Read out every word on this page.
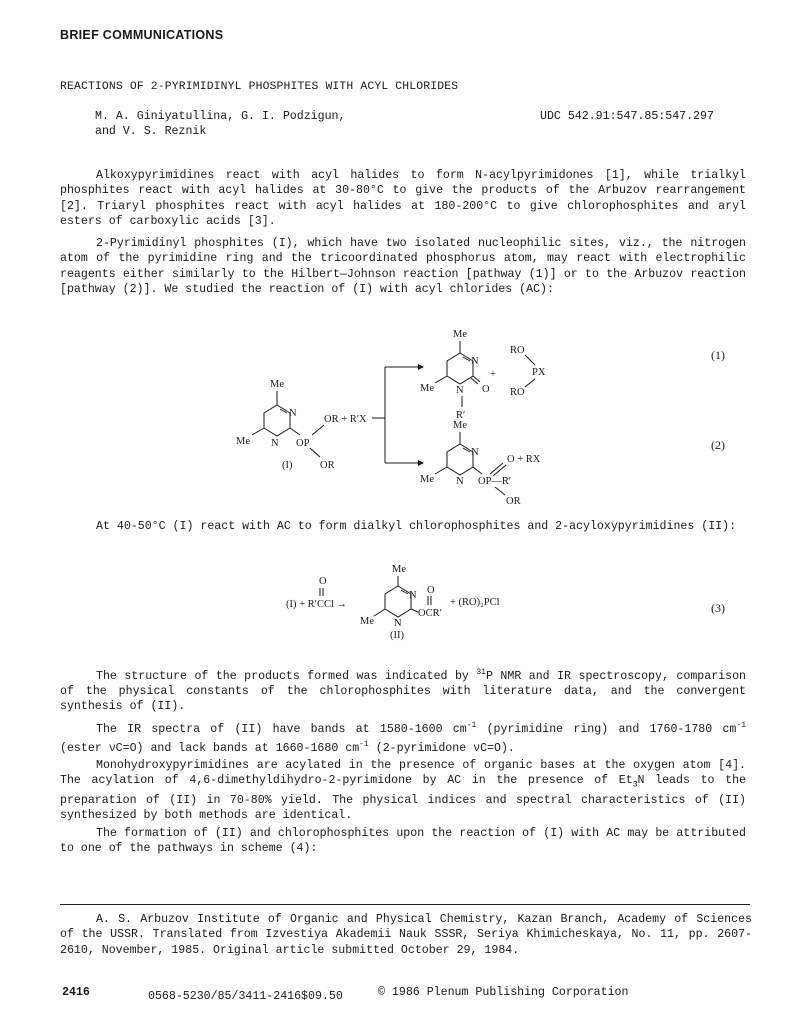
BRIEF COMMUNICATIONS
REACTIONS OF 2-PYRIMIDINYL PHOSPHITES WITH ACYL CHLORIDES
M. A. Giniyatullina, G. I. Podzigun,
and V. S. Reznik
UDC 542.91:547.85:547.297

Alkoxypyrimidines react with acyl halides to form N-acylpyrimidones [1], while trialkyl phosphites react with acyl halides at 30-80°C to give the products of the Arbuzov rearrangement [2]. Triaryl phosphites react with acyl halides at 180-200°C to give chlorophosphites and aryl esters of carboxylic acids [3].

2-Pyrimidinyl phosphites (I), which have two isolated nucleophilic sites, viz., the nitrogen atom of the pyrimidine ring and the tricoordinated phosphorus atom, may react with electrophilic reagents either similarly to the Hilbert—Johnson reaction [pathway (1)] or to the Arbuzov reaction [pathway (2)]. We studied the reaction of (I) with acyl chlorides (AC):

Me
N
N
Me	OP
OR + R′X
OR
(I)
Me
N
N
Me	O
R′
+
RO
PX
RO
Me
N
N
Me	OP—R′
O + RX
OR
(1)
(2)

At 40-50°C (I) react with AC to form dialkyl chlorophosphites and 2-acyloxypyrimidines (II):

O
(I) + R′CCl →
Me
N
N
Me
OCR′
O
+ (RO)₂PCl
(II)
(3)

The structure of the products formed was indicated by $^{31}$P NMR and IR spectroscopy, comparison of the physical constants of the chlorophosphites with literature data, and the convergent synthesis of (II).

The IR spectra of (II) have bands at 1580-1600 $cm^{-1}$ (pyrimidine ring) and 1760-1780 $cm^{-1}$ (ester νC=O) and lack bands at 1660-1680 $cm^{-1}$ (2-pyrimidone νC=O).

Monohydroxypyrimidines are acylated in the presence of organic bases at the oxygen atom [4]. The acylation of 4,6-dimethyldihydro-2-pyrimidone by AC in the presence of $Et_3N$ leads to the preparation of (II) in 70-80% yield. The physical indices and spectral characteristics of (II) synthesized by both methods are identical.

The formation of (II) and chlorophosphites upon the reaction of (I) with AC may be attributed to one of the pathways in scheme (4):

A. S. Arbuzov Institute of Organic and Physical Chemistry, Kazan Branch, Academy of Sciences of the USSR. Translated from Izvestiya Akademii Nauk SSSR, Seriya Khimicheskaya, No. 11, pp. 2607-2610, November, 1985. Original article submitted October 29, 1984.

2416	0568-5230/85/3411-2416$09.50	© 1986 Plenum Publishing Corporation
